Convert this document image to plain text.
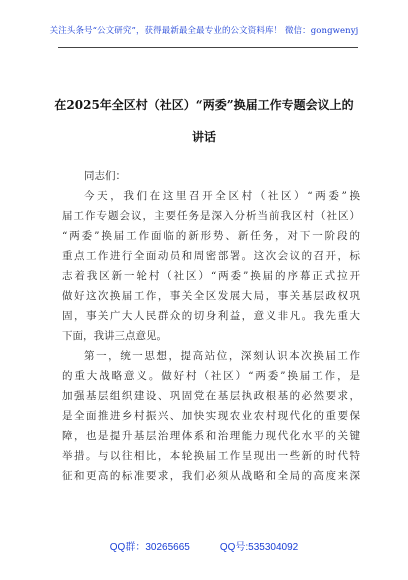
关注头条号“公文研究”，获得最新最全最专业的公文资料库！ 微信：gongwenyj
在2025年全区村（社区）“两委”换届工作专题会议上的
讲话
同志们：
今天，我们在这里召开全区村（社区）“两委”换
届工作专题会议，主要任务是深入分析当前我区村（社区）
“两委”换届工作面临的新形势、新任务，对下一阶段的
重点工作进行全面动员和周密部署。这次会议的召开，标
志着我区新一轮村（社区）“两委”换届的序幕正式拉开
做好这次换届工作，事关全区发展大局，事关基层政权巩
固，事关广大人民群众的切身利益，意义非凡。我先重大
下面，我讲三点意见。
第一，统一思想，提高站位，深刻认识本次换届工作
的重大战略意义。做好村（社区）“两委”换届工作，是
加强基层组织建设、巩固党在基层执政根基的必然要求，
是全面推进乡村振兴、加快实现农业农村现代化的重要保
障，也是提升基层治理体系和治理能力现代化水平的关键
举措。与以往相比，本轮换届工作呈现出一些新的时代特
征和更高的标准要求，我们必须从战略和全局的高度来深
QQ群：30265665	QQ号:535304092
